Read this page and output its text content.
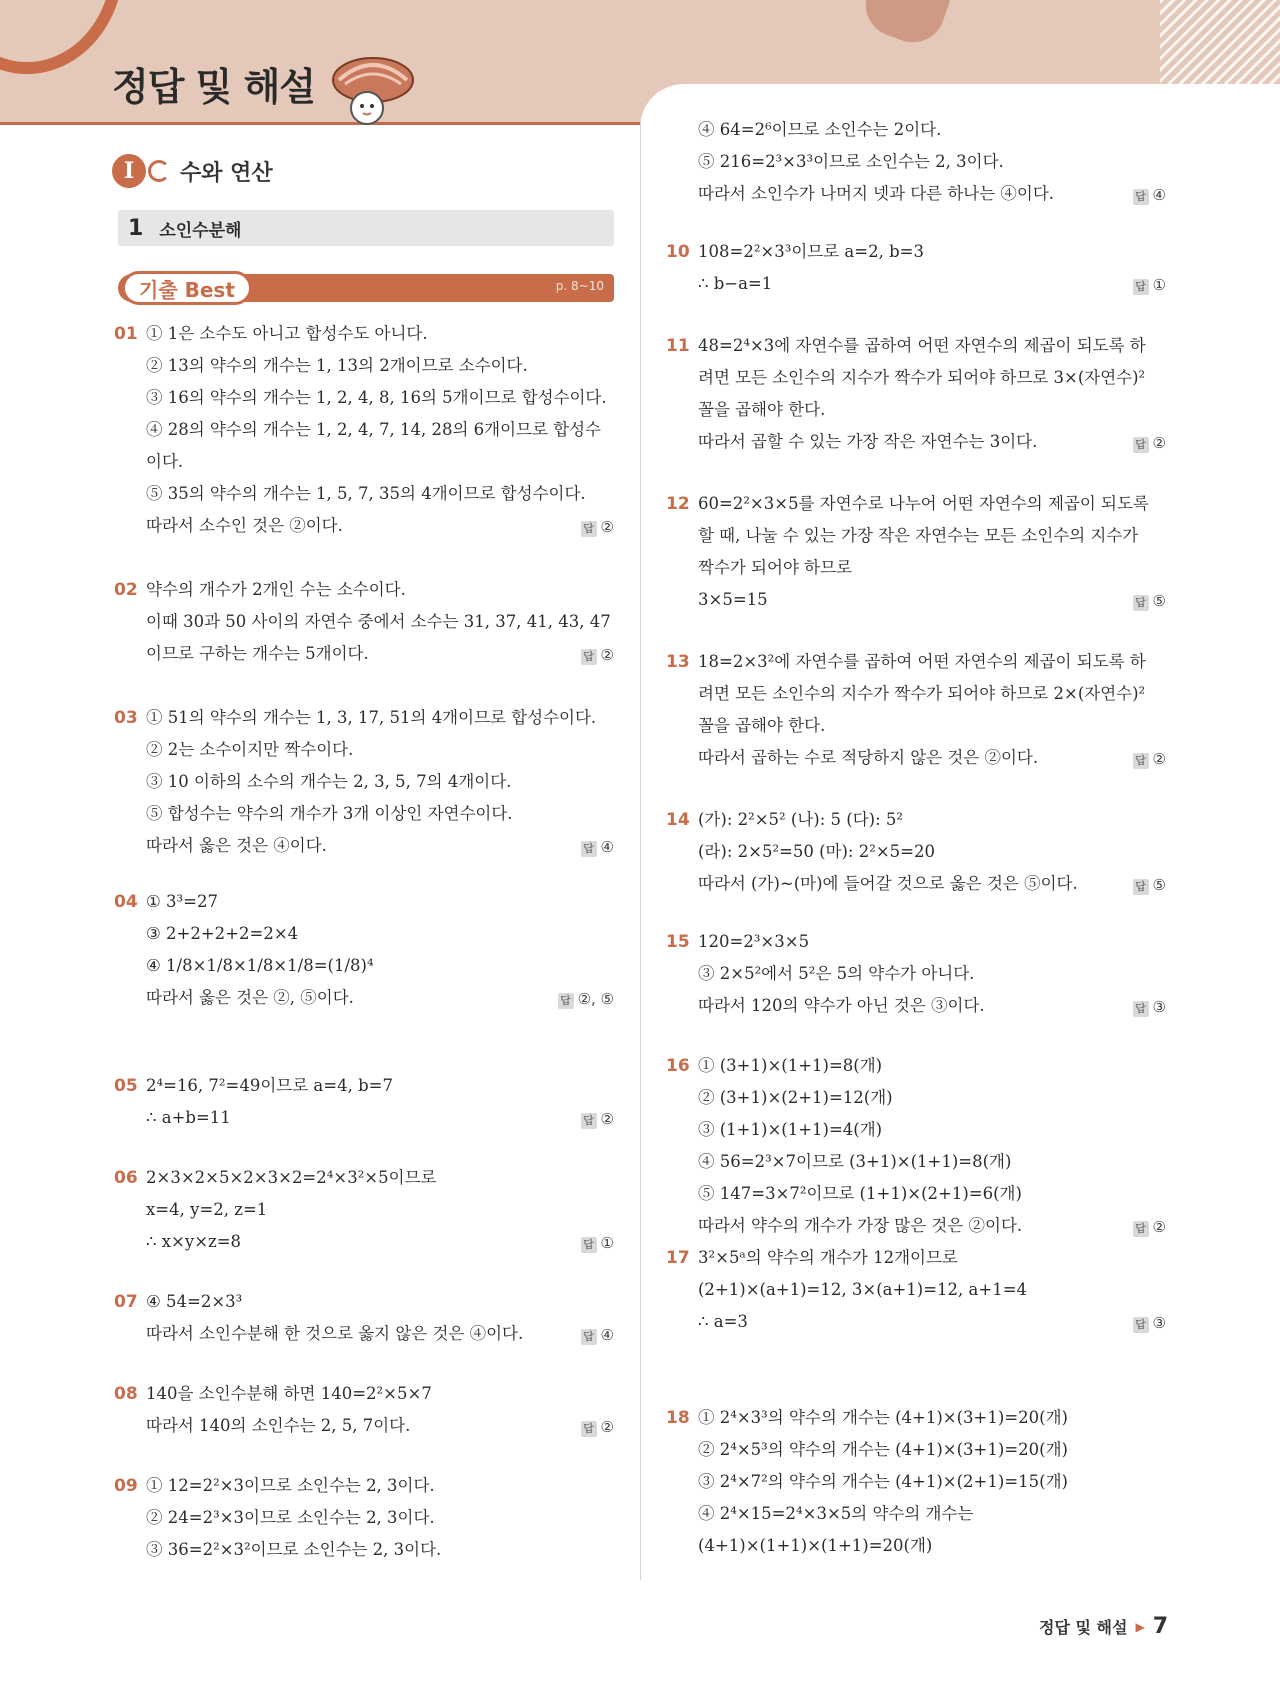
정답 및 해설
I	수와 연산
1 소인수분해
기출 Best	p. 8~10
01 ① 1은 소수도 아니고 합성수도 아니다.
② 13의 약수의 개수는 1, 13의 2개이므로 소수이다.
③ 16의 약수의 개수는 1, 2, 4, 8, 16의 5개이므로 합성수이다.
④ 28의 약수의 개수는 1, 2, 4, 7, 14, 28의 6개이므로 합성수
이다.
⑤ 35의 약수의 개수는 1, 5, 7, 35의 4개이므로 합성수이다.
따라서 소수인 것은 ②이다.	답 ②
02 약수의 개수가 2개인 수는 소수이다.
이때 30과 50 사이의 자연수 중에서 소수는 31, 37, 41, 43, 47
이므로 구하는 개수는 5개이다.	답 ②
03 ① 51의 약수의 개수는 1, 3, 17, 51의 4개이므로 합성수이다.
② 2는 소수이지만 짝수이다.
③ 10 이하의 소수의 개수는 2, 3, 5, 7의 4개이다.
⑤ 합성수는 약수의 개수가 3개 이상인 자연수이다.
따라서 옳은 것은 ④이다.	답 ④
04 ① 3³=27
③ 2+2+2+2=2×4
④ 1/8×1/8×1/8×1/8=(1/8)⁴
따라서 옳은 것은 ②, ⑤이다.	답 ②, ⑤
05 2⁴=16, 7²=49이므로 a=4, b=7
∴ a+b=11	답 ②
06 2×3×2×5×2×3×2=2⁴×3²×5이므로
x=4, y=2, z=1
∴ x×y×z=8	답 ①
07 ④ 54=2×3³
따라서 소인수분해 한 것으로 옳지 않은 것은 ④이다.	답 ④
08 140을 소인수분해 하면 140=2²×5×7
따라서 140의 소인수는 2, 5, 7이다.	답 ②
09 ① 12=2²×3이므로 소인수는 2, 3이다.
② 24=2³×3이므로 소인수는 2, 3이다.
③ 36=2²×3²이므로 소인수는 2, 3이다.
④ 64=2⁶이므로 소인수는 2이다.
⑤ 216=2³×3³이므로 소인수는 2, 3이다.
따라서 소인수가 나머지 넷과 다른 하나는 ④이다.	답 ④
10 108=2²×3³이므로 a=2, b=3
∴ b−a=1	답 ①
11 48=2⁴×3에 자연수를 곱하여 어떤 자연수의 제곱이 되도록 하
려면 모든 소인수의 지수가 짝수가 되어야 하므로 3×(자연수)²
꼴을 곱해야 한다.
따라서 곱할 수 있는 가장 작은 자연수는 3이다.	답 ②
12 60=2²×3×5를 자연수로 나누어 어떤 자연수의 제곱이 되도록
할 때, 나눌 수 있는 가장 작은 자연수는 모든 소인수의 지수가
짝수가 되어야 하므로
3×5=15	답 ⑤
13 18=2×3²에 자연수를 곱하여 어떤 자연수의 제곱이 되도록 하
려면 모든 소인수의 지수가 짝수가 되어야 하므로 2×(자연수)²
꼴을 곱해야 한다.
따라서 곱하는 수로 적당하지 않은 것은 ②이다.	답 ②
14 (가): 2²×5² (나): 5 (다): 5²
(라): 2×5²=50 (마): 2²×5=20
따라서 (가)~(마)에 들어갈 것으로 옳은 것은 ⑤이다.	답 ⑤
15 120=2³×3×5
③ 2×5²에서 5²은 5의 약수가 아니다.
따라서 120의 약수가 아닌 것은 ③이다.	답 ③
16 ① (3+1)×(1+1)=8(개)
② (3+1)×(2+1)=12(개)
③ (1+1)×(1+1)=4(개)
④ 56=2³×7이므로 (3+1)×(1+1)=8(개)
⑤ 147=3×7²이므로 (1+1)×(2+1)=6(개)
따라서 약수의 개수가 가장 많은 것은 ②이다.	답 ②
17 3²×5ᵃ의 약수의 개수가 12개이므로
(2+1)×(a+1)=12, 3×(a+1)=12, a+1=4
∴ a=3	답 ③
18 ① 2⁴×3³의 약수의 개수는 (4+1)×(3+1)=20(개)
② 2⁴×5³의 약수의 개수는 (4+1)×(3+1)=20(개)
③ 2⁴×7²의 약수의 개수는 (4+1)×(2+1)=15(개)
④ 2⁴×15=2⁴×3×5의 약수의 개수는
(4+1)×(1+1)×(1+1)=20(개)
정답 및 해설 ▶ 7
